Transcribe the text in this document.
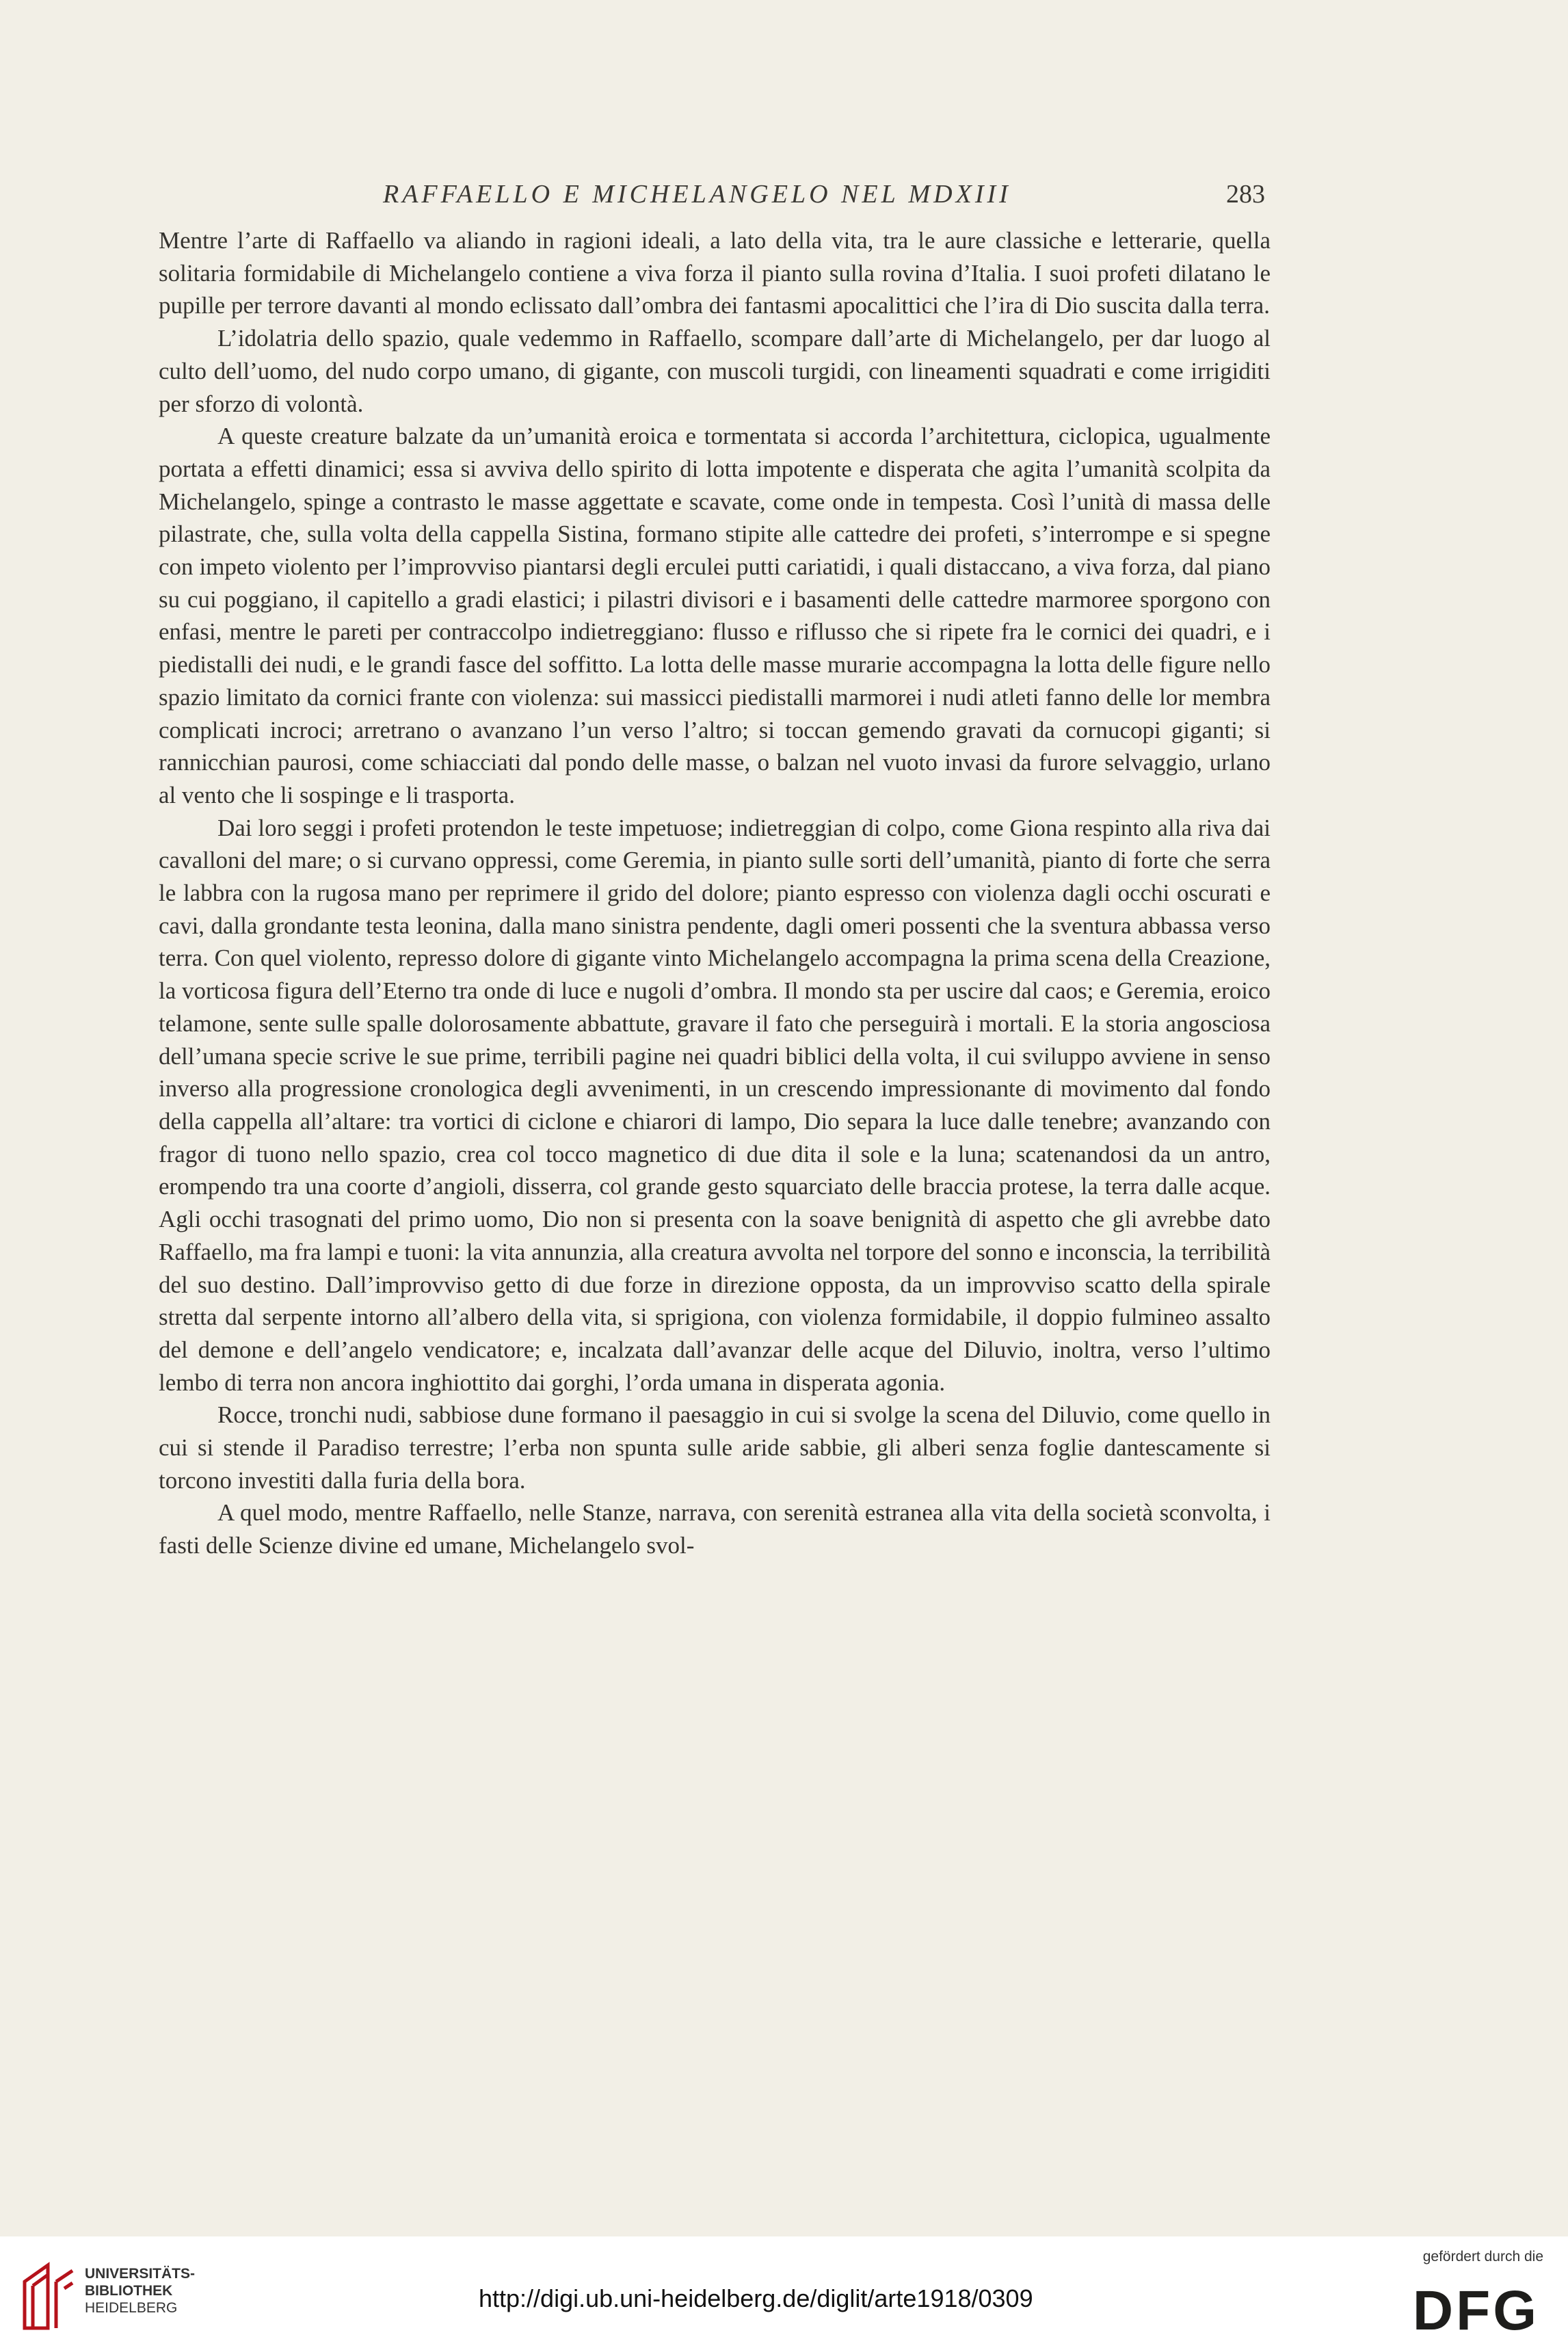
RAFFAELLO E MICHELANGELO NEL MDXIII	283

Mentre l’arte di Raffaello va aliando in ragioni ideali, a lato della vita, tra le aure classiche e letterarie, quella solitaria formidabile di Michelangelo contiene a viva forza il pianto sulla rovina d’Italia. I suoi profeti dilatano le pupille per terrore davanti al mondo eclissato dall’ombra dei fantasmi apocalittici che l’ira di Dio suscita dalla terra.

L’idolatria dello spazio, quale vedemmo in Raffaello, scompare dall’arte di Michelangelo, per dar luogo al culto dell’uomo, del nudo corpo umano, di gigante, con muscoli turgidi, con lineamenti squadrati e come irrigiditi per sforzo di volontà.

A queste creature balzate da un’umanità eroica e tormentata si accorda l’architettura, ciclopica, ugualmente portata a effetti dinamici; essa si avviva dello spirito di lotta impotente e disperata che agita l’umanità scolpita da Michelangelo, spinge a contrasto le masse aggettate e scavate, come onde in tempesta. Così l’unità di massa delle pilastrate, che, sulla volta della cappella Sistina, formano stipite alle cattedre dei profeti, s’interrompe e si spegne con impeto violento per l’improvviso piantarsi degli erculei putti cariatidi, i quali distaccano, a viva forza, dal piano su cui poggiano, il capitello a gradi elastici; i pilastri divisori e i basamenti delle cattedre marmoree sporgono con enfasi, mentre le pareti per contraccolpo indietreggiano: flusso e riflusso che si ripete fra le cornici dei quadri, e i piedistalli dei nudi, e le grandi fasce del soffitto. La lotta delle masse murarie accompagna la lotta delle figure nello spazio limitato da cornici frante con violenza: sui massicci piedistalli marmorei i nudi atleti fanno delle lor membra complicati incroci; arretrano o avanzano l’un verso l’altro; si toccan gemendo gravati da cornucopi giganti; si rannicchian paurosi, come schiacciati dal pondo delle masse, o balzan nel vuoto invasi da furore selvaggio, urlano al vento che li sospinge e li trasporta.

Dai loro seggi i profeti protendon le teste impetuose; indietreggian di colpo, come Giona respinto alla riva dai cavalloni del mare; o si curvano oppressi, come Geremia, in pianto sulle sorti dell’umanità, pianto di forte che serra le labbra con la rugosa mano per reprimere il grido del dolore; pianto espresso con violenza dagli occhi oscurati e cavi, dalla grondante testa leonina, dalla mano sinistra pendente, dagli omeri possenti che la sventura abbassa verso terra. Con quel violento, represso dolore di gigante vinto Michelangelo accompagna la prima scena della Creazione, la vorticosa figura dell’Eterno tra onde di luce e nugoli d’ombra. Il mondo sta per uscire dal caos; e Geremia, eroico telamone, sente sulle spalle dolorosamente abbattute, gravare il fato che perseguirà i mortali. E la storia angosciosa dell’umana specie scrive le sue prime, terribili pagine nei quadri biblici della volta, il cui sviluppo avviene in senso inverso alla progressione cronologica degli avvenimenti, in un crescendo impressionante di movimento dal fondo della cappella all’altare: tra vortici di ciclone e chiarori di lampo, Dio separa la luce dalle tenebre; avanzando con fragor di tuono nello spazio, crea col tocco magnetico di due dita il sole e la luna; scatenandosi da un antro, erompendo tra una coorte d’angioli, disserra, col grande gesto squarciato delle braccia protese, la terra dalle acque. Agli occhi trasognati del primo uomo, Dio non si presenta con la soave benignità di aspetto che gli avrebbe dato Raffaello, ma fra lampi e tuoni: la vita annunzia, alla creatura avvolta nel torpore del sonno e inconscia, la terribilità del suo destino. Dall’improvviso getto di due forze in direzione opposta, da un improvviso scatto della spirale stretta dal serpente intorno all’albero della vita, si sprigiona, con violenza formidabile, il doppio fulmineo assalto del demone e dell’angelo vendicatore; e, incalzata dall’avanzar delle acque del Diluvio, inoltra, verso l’ultimo lembo di terra non ancora inghiottito dai gorghi, l’orda umana in disperata agonia.

Rocce, tronchi nudi, sabbiose dune formano il paesaggio in cui si svolge la scena del Diluvio, come quello in cui si stende il Paradiso terrestre; l’erba non spunta sulle aride sabbie, gli alberi senza foglie dantescamente si torcono investiti dalla furia della bora.

A quel modo, mentre Raffaello, nelle Stanze, narrava, con serenità estranea alla vita della società sconvolta, i fasti delle Scienze divine ed umane, Michelangelo svol-

UNIVERSITÄTS-
BIBLIOTHEK
HEIDELBERG	http://digi.ub.uni-heidelberg.de/diglit/arte1918/0309
gefördert durch die
DFG
